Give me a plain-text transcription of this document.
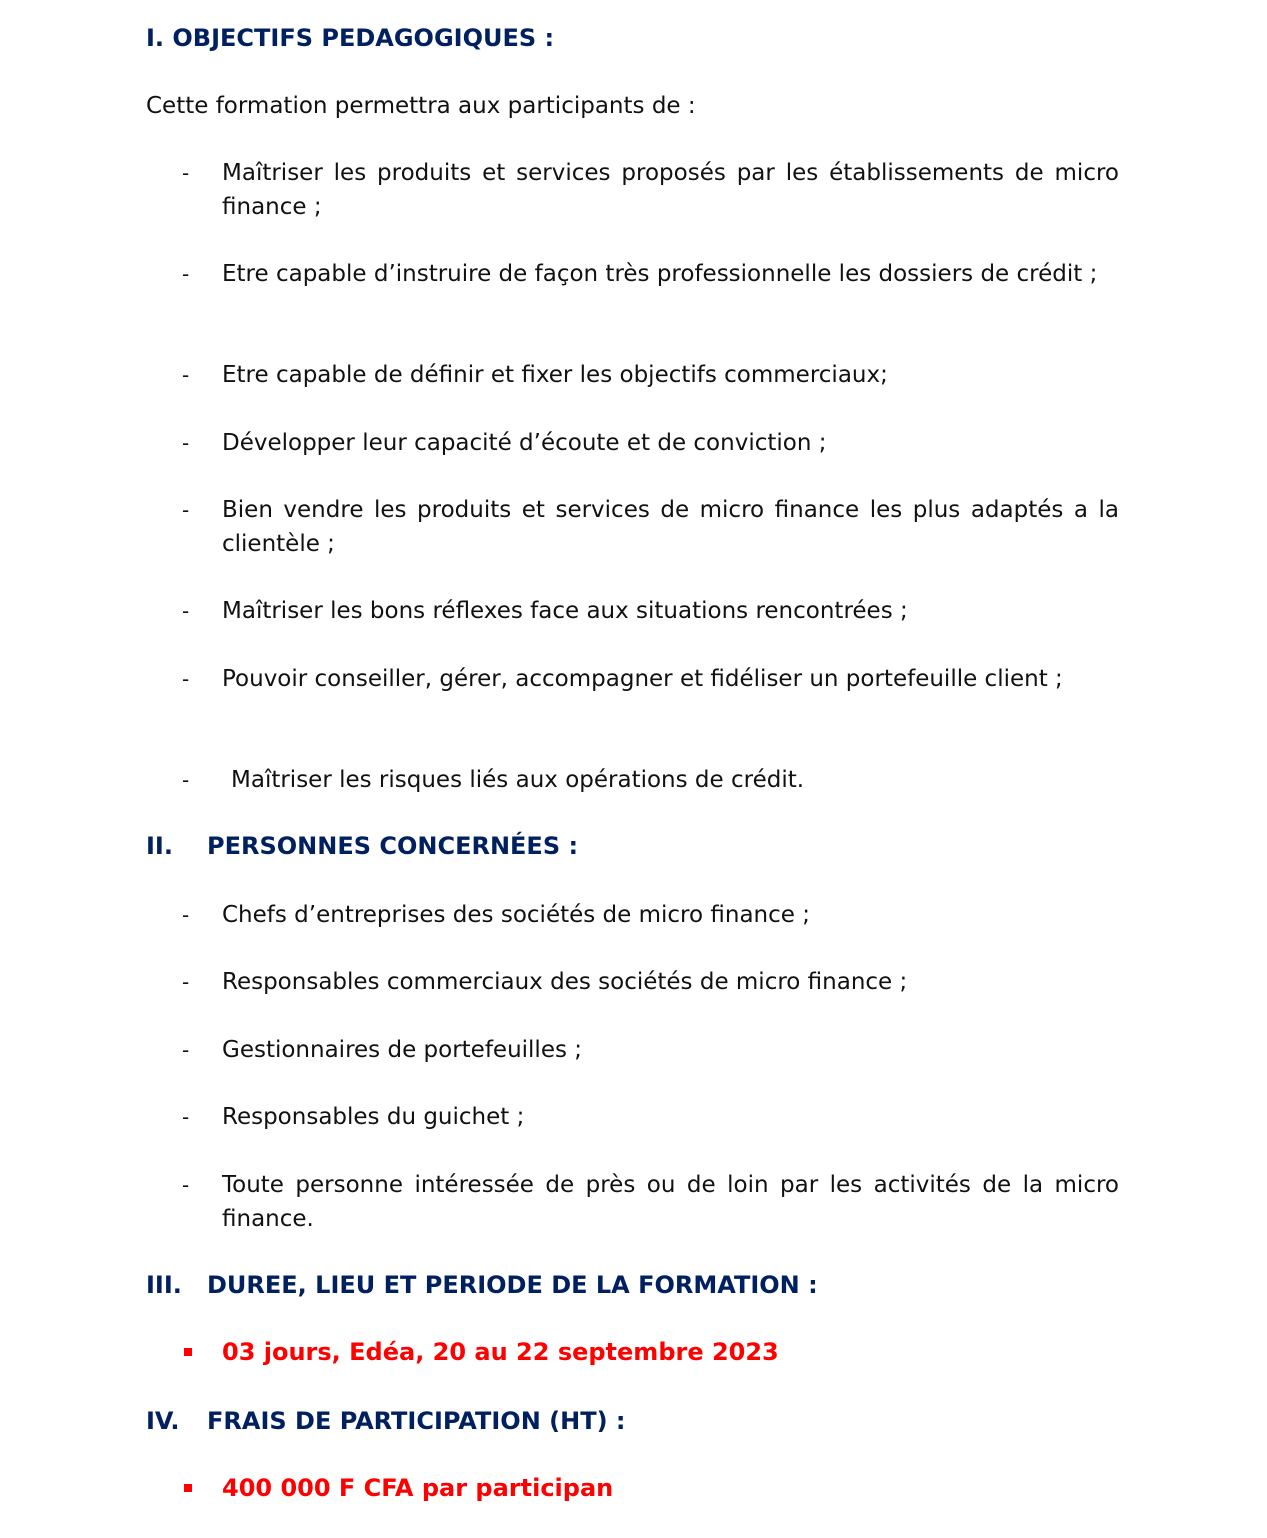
I. OBJECTIFS PEDAGOGIQUES :
Cette formation permettra aux participants de :
- Maîtriser les produits et services proposés par les établissements de micro finance ;
- Etre capable d’instruire de façon très professionnelle les dossiers de crédit ;
- Etre capable de définir et fixer les objectifs commerciaux;
- Développer leur capacité d’écoute et de conviction ;
- Bien vendre les produits et services de micro finance les plus adaptés a la clientèle ;
- Maîtriser les bons réflexes face aux situations rencontrées ;
- Pouvoir conseiller, gérer, accompagner et fidéliser un portefeuille client ;
- Maîtriser les risques liés aux opérations de crédit.
II. PERSONNES CONCERNÉES :
- Chefs d’entreprises des sociétés de micro finance ;
- Responsables commerciaux des sociétés de micro finance ;
- Gestionnaires de portefeuilles ;
- Responsables du guichet ;
- Toute personne intéressée de près ou de loin par les activités de la micro finance.
III. DUREE, LIEU ET PERIODE DE LA FORMATION :
03 jours, Edéa, 20 au 22 septembre 2023
IV. FRAIS DE PARTICIPATION (HT) :
400 000 F CFA par participan
